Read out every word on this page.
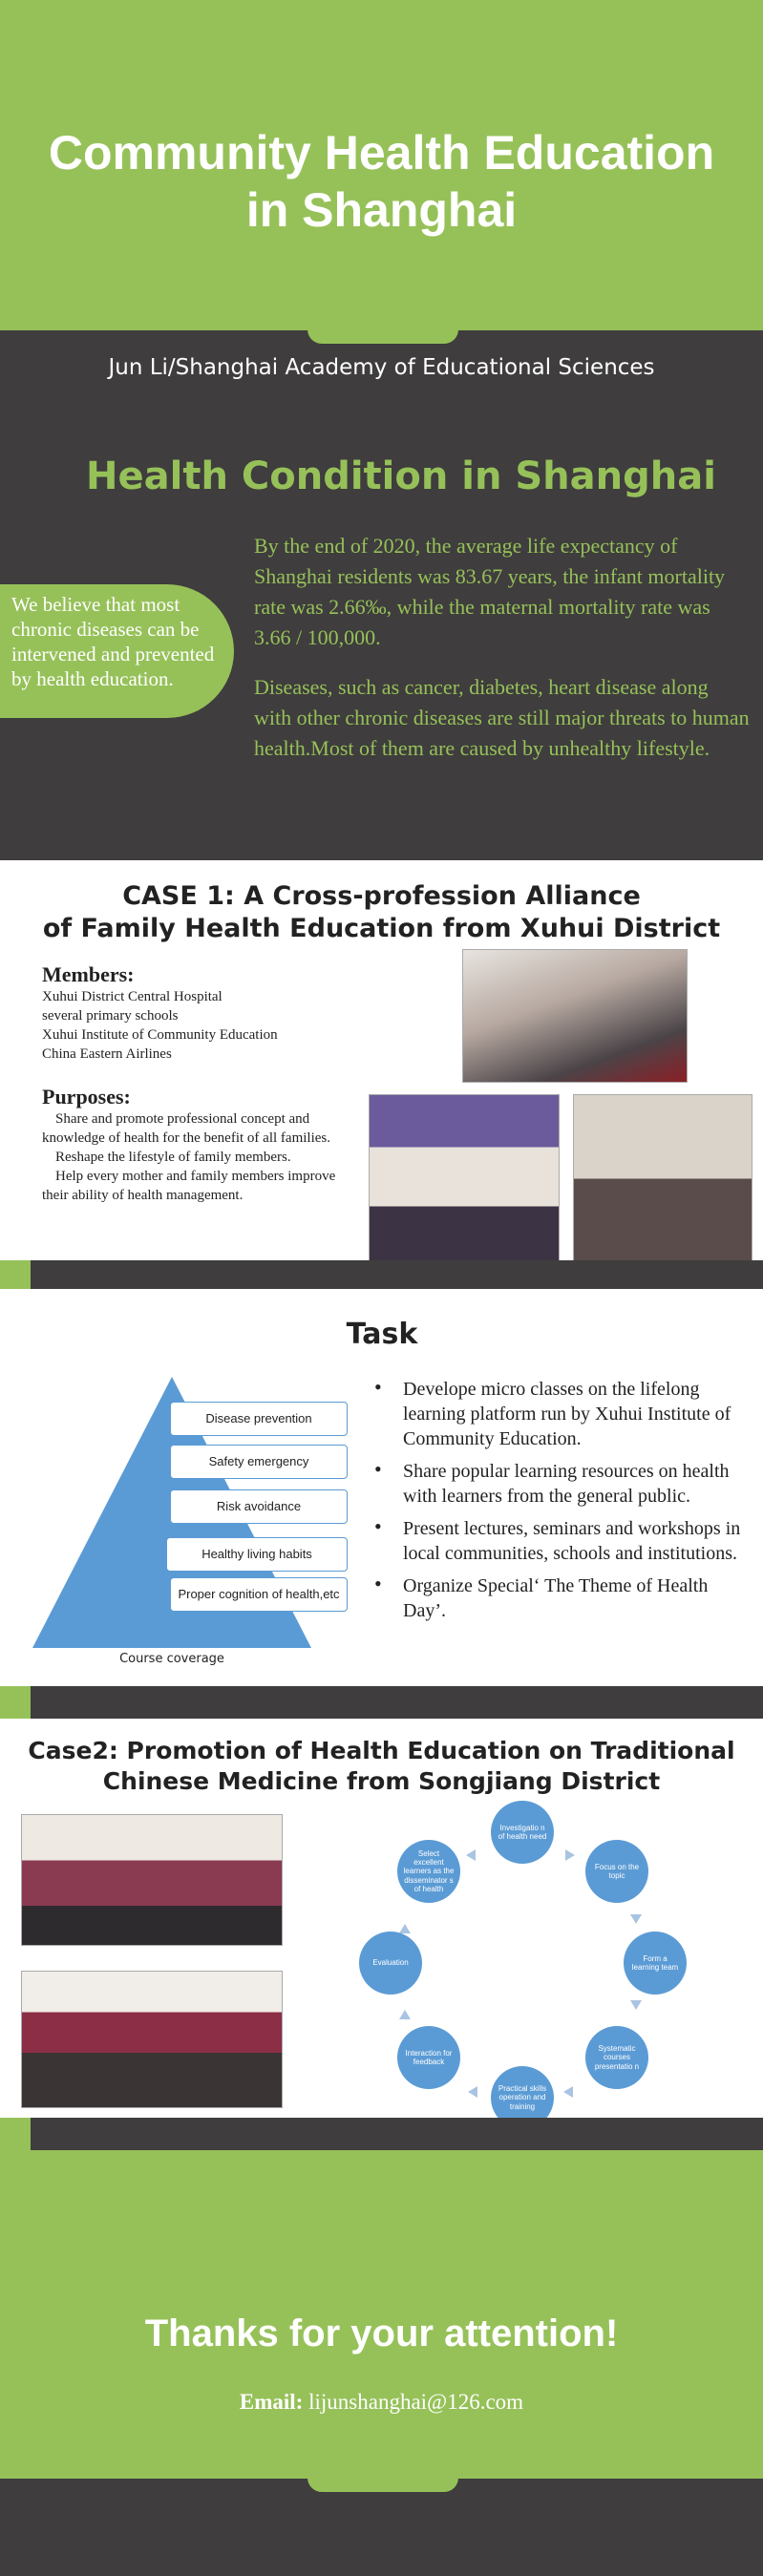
Community Health Education
in Shanghai
Jun Li/Shanghai Academy of Educational Sciences
Health Condition in Shanghai
We believe that most chronic diseases can be intervened and prevented by health education.
By the end of 2020, the average life expectancy of Shanghai residents was 83.67 years, the infant mortality rate was 2.66‰, while the maternal mortality rate was 3.66 / 100,000.
Diseases, such as cancer, diabetes, heart disease along with other chronic diseases are still major threats to human health.Most of them are caused by unhealthy lifestyle.
CASE 1: A Cross-profession Alliance
of Family Health Education from Xuhui District
Members:
Xuhui District Central Hospital
several primary schools
Xuhui Institute of Community Education
China Eastern Airlines
Purposes:
Share and promote professional concept and knowledge of health for the benefit of all families.
Reshape the lifestyle of family members.
Help every mother and family members improve their ability of health management.
Task
Disease prevention
Safety emergency
Risk avoidance
Healthy living habits
Proper cognition of health,etc
Course coverage
• Develope micro classes on the lifelong learning platform run by Xuhui Institute of Community Education.
• Share popular learning resources on health with learners from the general public.
• Present lectures, seminars and workshops in local communities, schools and institutions.
• Organize Special‘ The Theme of Health Day’.
Case2: Promotion of Health Education on Traditional
Chinese Medicine from Songjiang District
Investigatio n of health need
Focus on the topic
Form a learning team
Systematic courses presentatio n
Practical skills operation and training
Interaction for feedback
Evaluation
Select excellent learners as the disseminator s of health
Thanks for your attention!
Email: lijunshanghai@126.com
